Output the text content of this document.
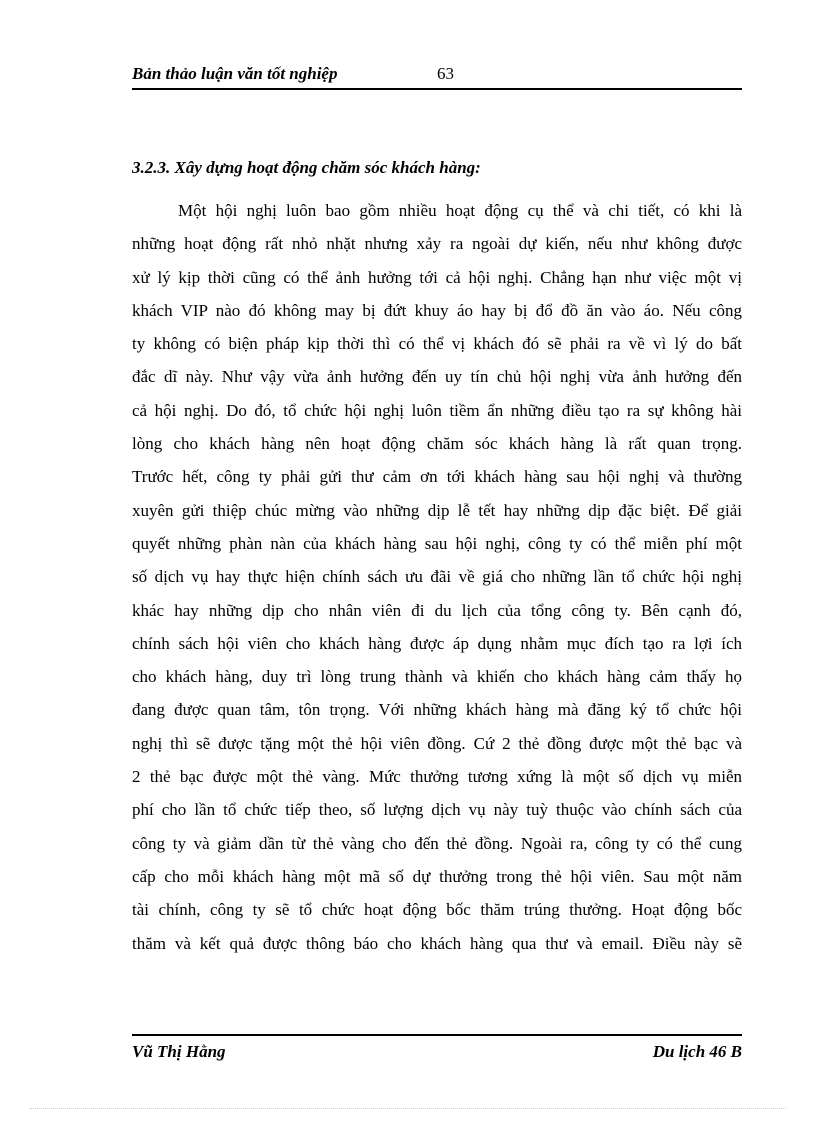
Bản thảo luận văn tốt nghiệp	63
3.2.3. Xây dựng hoạt động chăm sóc khách hàng:
Một hội nghị luôn bao gồm nhiều hoạt động cụ thể và chi tiết, có khi là
những hoạt động rất nhỏ nhặt nhưng xảy ra ngoài dự kiến, nếu như không được
xử lý kịp thời cũng có thể ảnh hưởng tới cả hội nghị. Chẳng hạn như việc một vị
khách VIP nào đó không may bị đứt khuy áo hay bị đổ đồ ăn vào áo. Nếu công
ty không có biện pháp kịp thời thì có thể vị khách đó sẽ phải ra về vì lý do bất
đắc dĩ này. Như vậy vừa ảnh hưởng đến uy tín chủ hội nghị vừa ảnh hưởng đến
cả hội nghị. Do đó, tổ chức hội nghị luôn tiềm ẩn những điều tạo ra sự không hài
lòng cho khách hàng nên hoạt động chăm sóc khách hàng là rất quan trọng.
Trước hết, công ty phải gửi thư cảm ơn tới khách hàng sau hội nghị và thường
xuyên gửi thiệp chúc mừng vào những dịp lễ tết hay những dịp đặc biệt. Để giải
quyết những phàn nàn của khách hàng sau hội nghị, công ty có thể miễn phí một
số dịch vụ hay thực hiện chính sách ưu đãi về giá cho những lần tổ chức hội nghị
khác hay những dịp cho nhân viên đi du lịch của tổng công ty. Bên cạnh đó,
chính sách hội viên cho khách hàng được áp dụng nhằm mục đích tạo ra lợi ích
cho khách hàng, duy trì lòng trung thành và khiến cho khách hàng cảm thấy họ
đang được quan tâm, tôn trọng. Với những khách hàng mà đăng ký tổ chức hội
nghị thì sẽ được tặng một thẻ hội viên đồng. Cứ 2 thẻ đồng được một thẻ bạc và
2 thẻ bạc được một thẻ vàng. Mức thưởng tương xứng là một số dịch vụ miễn
phí cho lần tổ chức tiếp theo, số lượng dịch vụ này tuỳ thuộc vào chính sách của
công ty và giảm dần từ thẻ vàng cho đến thẻ đồng. Ngoài ra, công ty có thể cung
cấp cho mỗi khách hàng một mã số dự thưởng trong thẻ hội viên. Sau một năm
tài chính, công ty sẽ tổ chức hoạt động bốc thăm trúng thưởng. Hoạt động bốc
thăm và kết quả được thông báo cho khách hàng qua thư và email. Điều này sẽ
Vũ Thị Hằng	Du lịch 46 B
